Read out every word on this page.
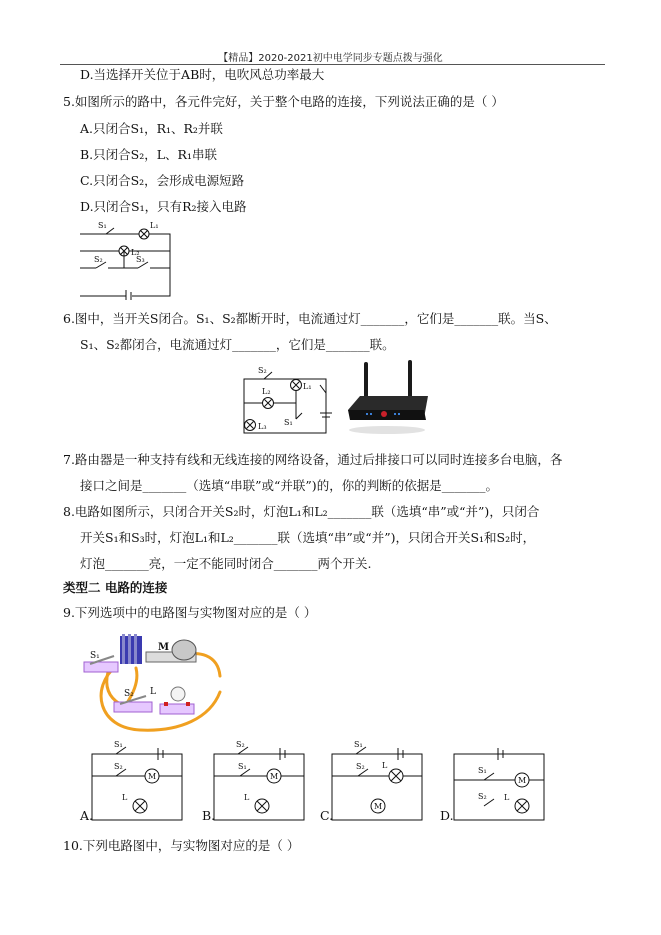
【精品】2020-2021初中电学同步专题点拨与强化
D.当选择开关位于AB时，电吹风总功率最大
5.如图所示的路中，各元件完好，关于整个电路的连接，下列说法正确的是（ ）
A.只闭合S₁，R₁、R₂并联
B.只闭合S₂，L、R₁串联
C.只闭合S₂，会形成电源短路
D.只闭合S₁，只有R₂接入电路
S₁	L₁
L₂
S₂	S₃
6.图中，当开关S闭合。S₁、S₂都断开时，电流通过灯_______，它们是_______联。当S、
S₁、S₂都闭合，电流通过灯_______，它们是_______联。
S₂
L₂
L₁
L₃ S₁
7.路由器是一种支持有线和无线连接的网络设备，通过后排接口可以同时连接多台电脑，各
接口之间是_______（选填“串联”或“并联”)的，你的判断的依据是_______。
8.电路如图所示，只闭合开关S₂时，灯泡L₁和L₂_______联（选填“串”或“并”)，只闭合
开关S₁和S₃时，灯泡L₁和L₂_______联（选填“串”或“并”)，只闭合开关S₁和S₂时，
灯泡_______亮，一定不能同时闭合_______两个开关.
类型二 电路的连接
9.下列选项中的电路图与实物图对应的是（ ）
M
S₁
S₂ L
S₁
S₂
M
L
A.
S₂
S₁
M
L
B.
S₁
S₂ L
M
C.
S₁
M
S₂ L
D.
10.下列电路图中，与实物图对应的是（ ）
